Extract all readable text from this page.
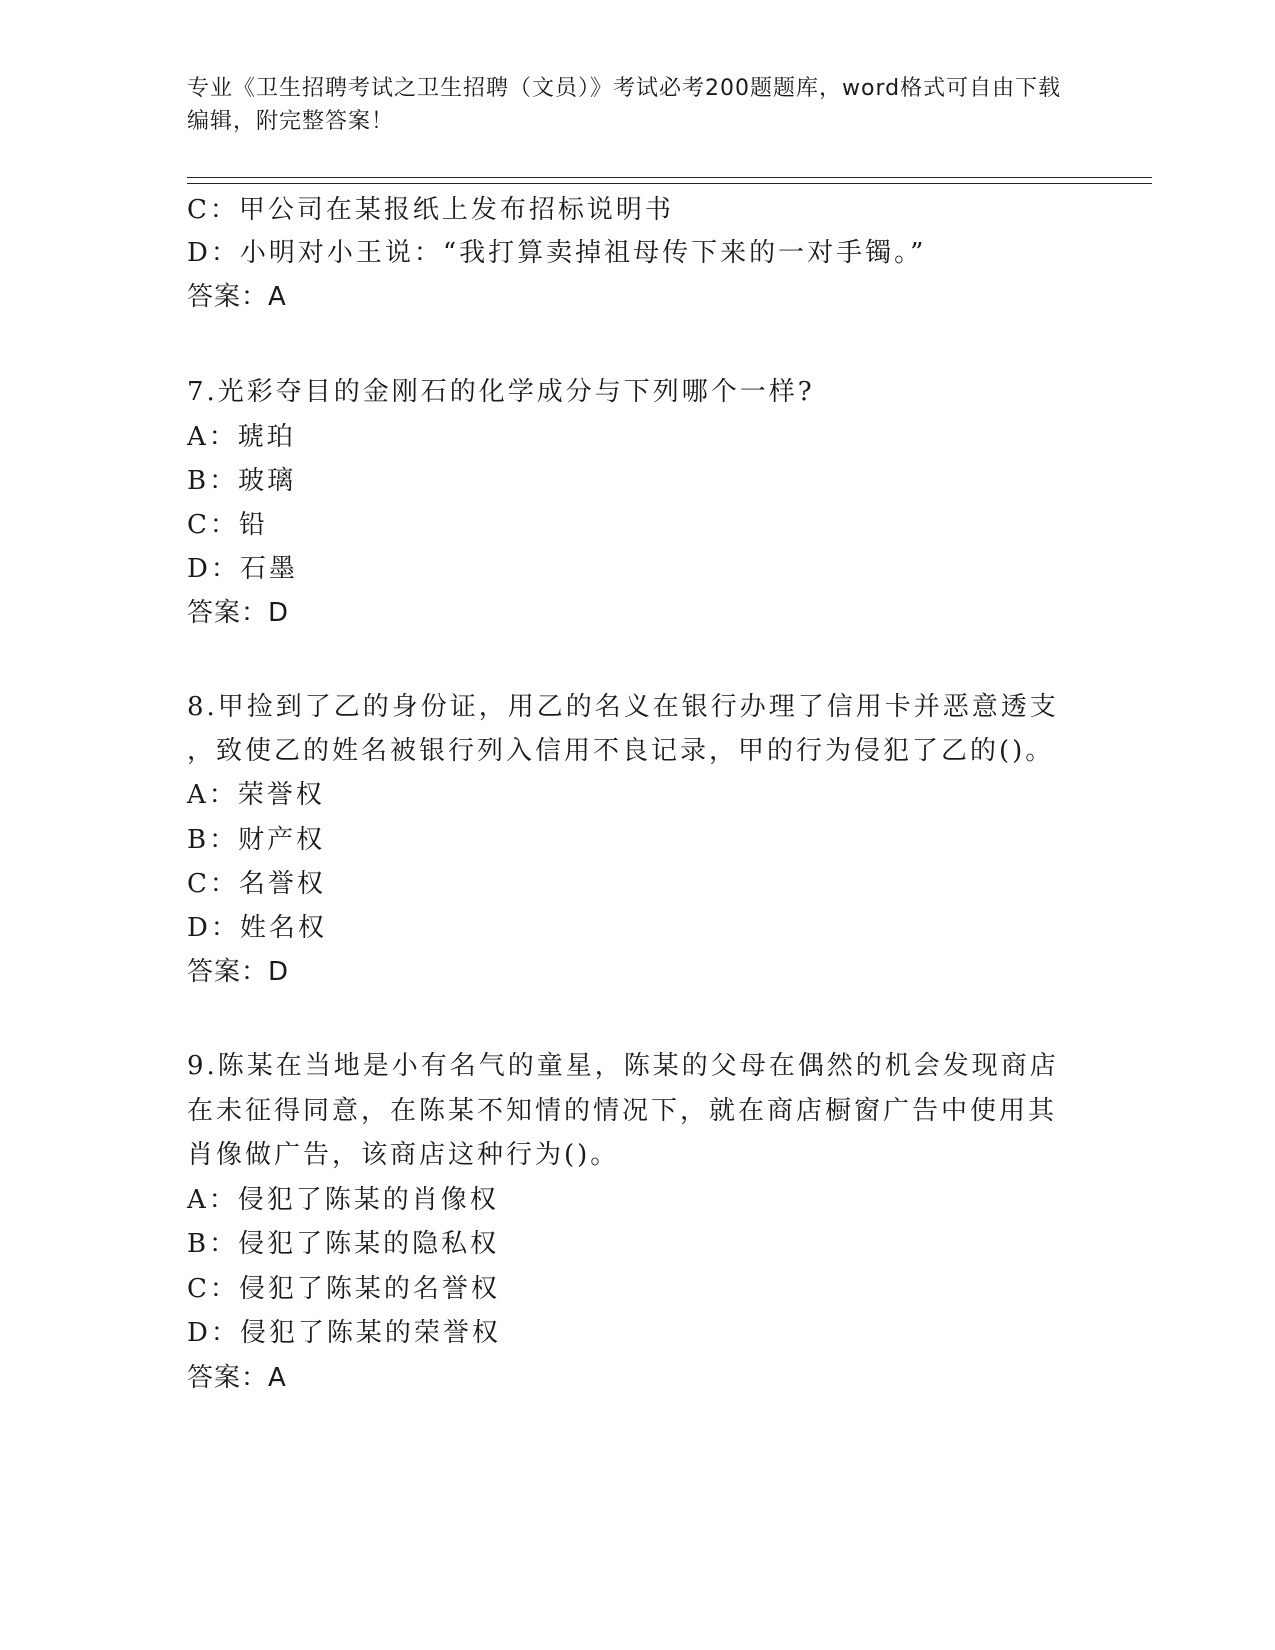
专业《卫生招聘考试之卫生招聘（文员）》考试必考200题题库，word格式可自由下载编辑，附完整答案！
C：甲公司在某报纸上发布招标说明书
D：小明对小王说：“我打算卖掉祖母传下来的一对手镯。”
答案：A
7.光彩夺目的金刚石的化学成分与下列哪个一样?
A：琥珀
B：玻璃
C：铅
D：石墨
答案：D
8.甲捡到了乙的身份证，用乙的名义在银行办理了信用卡并恶意透支
，致使乙的姓名被银行列入信用不良记录，甲的行为侵犯了乙的()。
A：荣誉权
B：财产权
C：名誉权
D：姓名权
答案：D
9.陈某在当地是小有名气的童星，陈某的父母在偶然的机会发现商店
在未征得同意，在陈某不知情的情况下，就在商店橱窗广告中使用其
肖像做广告，该商店这种行为()。
A：侵犯了陈某的肖像权
B：侵犯了陈某的隐私权
C：侵犯了陈某的名誉权
D：侵犯了陈某的荣誉权
答案：A
